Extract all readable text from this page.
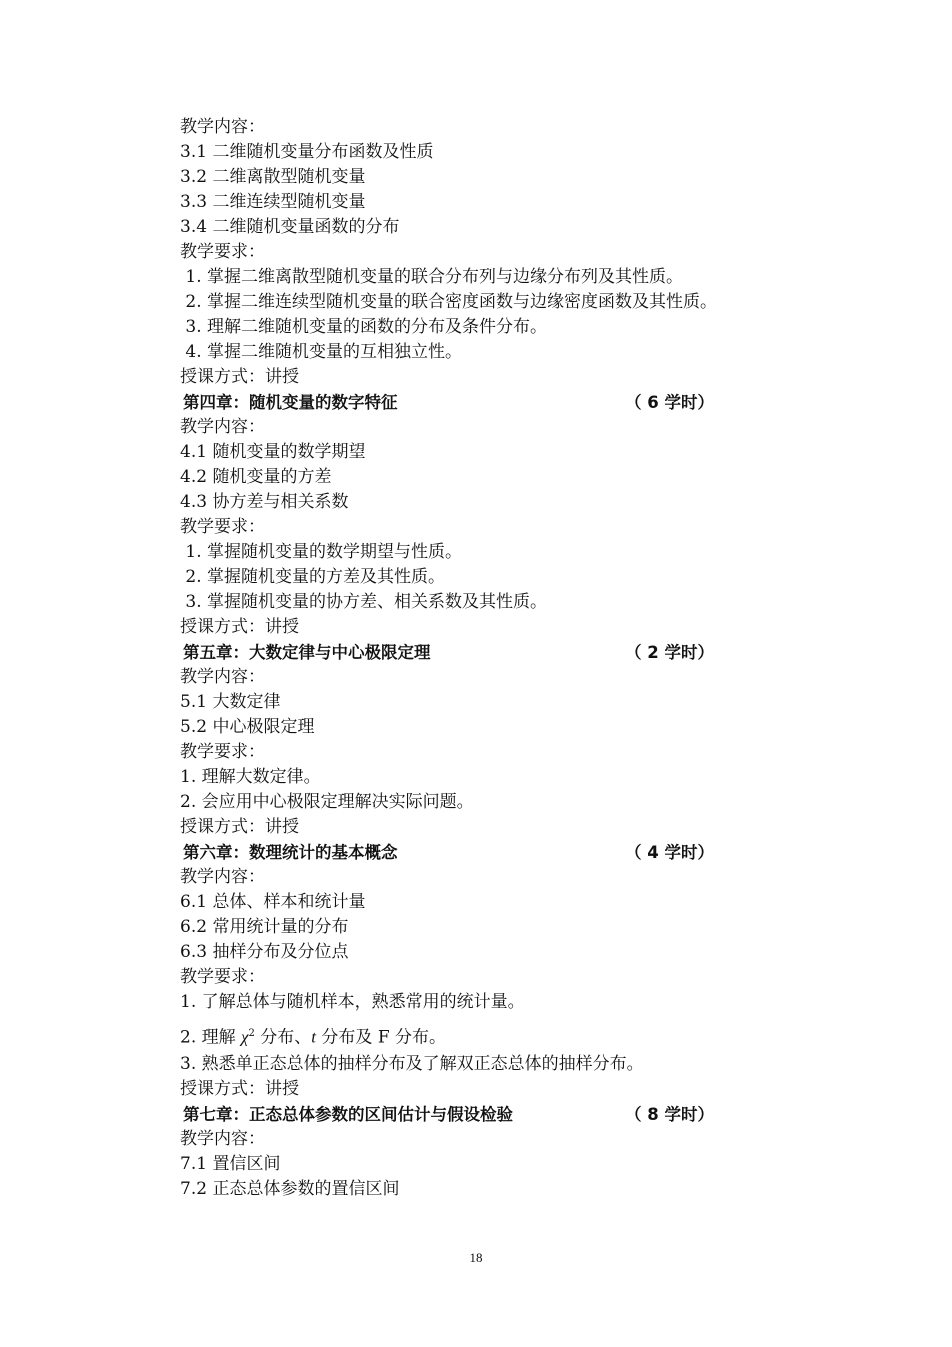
教学内容：
3.1 二维随机变量分布函数及性质
3.2 二维离散型随机变量
3.3 二维连续型随机变量
3.4 二维随机变量函数的分布
教学要求：
1. 掌握二维离散型随机变量的联合分布列与边缘分布列及其性质。
2. 掌握二维连续型随机变量的联合密度函数与边缘密度函数及其性质。
3. 理解二维随机变量的函数的分布及条件分布。
4. 掌握二维随机变量的互相独立性。
授课方式：讲授
第四章：随机变量的数字特征	（ 6 学时）
教学内容：
4.1 随机变量的数学期望
4.2 随机变量的方差
4.3 协方差与相关系数
教学要求：
1. 掌握随机变量的数学期望与性质。
2. 掌握随机变量的方差及其性质。
3. 掌握随机变量的协方差、相关系数及其性质。
授课方式：讲授
第五章：大数定律与中心极限定理	（ 2 学时）
教学内容：
5.1 大数定律
5.2 中心极限定理
教学要求：
1. 理解大数定律。
2. 会应用中心极限定理解决实际问题。
授课方式：讲授
第六章：数理统计的基本概念	（ 4 学时）
教学内容：
6.1 总体、样本和统计量
6.2 常用统计量的分布
6.3 抽样分布及分位点
教学要求：
1. 了解总体与随机样本，熟悉常用的统计量。
2. 理解 $\chi^2$ 分布、t 分布及 F 分布。
3. 熟悉单正态总体的抽样分布及了解双正态总体的抽样分布。
授课方式：讲授
第七章：正态总体参数的区间估计与假设检验	（ 8 学时）
教学内容：
7.1 置信区间
7.2 正态总体参数的置信区间
18
